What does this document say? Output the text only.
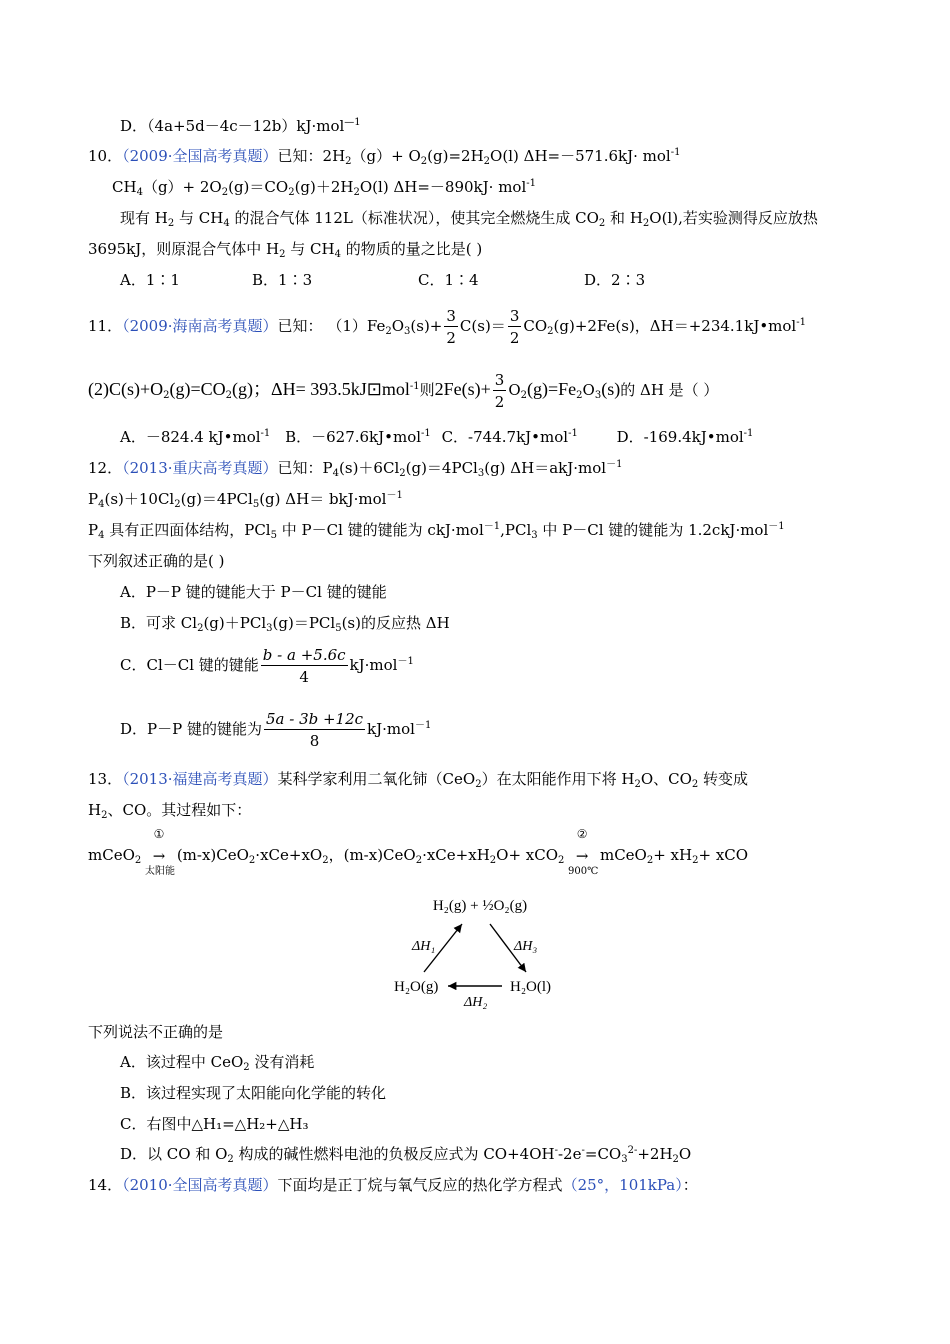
D．（4a+5d－4c－12b）kJ·mol$^{—1}$
10．（2009·全国高考真题）已知：$2H_2(g)+ O_2(g)=2H_2O(l)$ ΔH=－571.6kJ· mol$^{-1}$
$CH_4(g)+ 2O_2(g)=CO_2(g)+2H_2O(l)$ ΔH=－890kJ· mol$^{-1}$
现有 $H_2$ 与 $CH_4$ 的混合气体 112L（标准状况），使其完全燃烧生成 $CO_2$ 和 $H_2O(l)$,若实验测得反应放热
3695kJ，则原混合气体中 $H_2$ 与 $CH_4$ 的物质的量之比是( )
A．1∶1	B．1∶3	C．1∶4	D．2∶3
11．（2009·海南高考真题）已知： $(1)Fe_2O_3(s)+ \frac{3}{2} C(s)= \frac{3}{2} CO_2(g)+2Fe(s)$，ΔH＝+234.1kJ•mol$^{-1}$
$(2)C(s)+O_2(g)=CO_2(g)$；ΔH= 393.5kJ⊡mol$^{-1}$则$2Fe(s)+ \frac{3}{2} O_2(g)=Fe_2O_3(s)$的 ΔH 是（ ）
A．－824.4 kJ•mol$^{-1}$ B．－627.6kJ•mol$^{-1}$ C．-744.7kJ•mol$^{-1}$	D．-169.4kJ•mol$^{-1}$
12．（2013·重庆高考真题）已知：$P_4(s)+6Cl_2(g)=4PCl_3(g)$ ΔH＝akJ·mol$^{-1}$
$P_4(s)+10Cl_2(g)=4PCl_5(g)$ ΔH＝ bkJ·mol$^{-1}$
$P_4$ 具有正四面体结构，PCl$_5$ 中 P－Cl 键的键能为 ckJ·mol$^{-1}$,PCl$_3$ 中 P－Cl 键的键能为 1.2ckJ·mol$^{-1}$
下列叙述正确的是( )
A．P－P 键的键能大于 P－Cl 键的键能
B．可求 $Cl_2(g)+PCl_3(g)=PCl_5(s)$的反应热 ΔH
C．Cl－Cl 键的键能 $\frac{b - a +5.6c}{4} kJ\cdot mol^{-1}$
D．P－P 键的键能为 $\frac{5a - 3b +12c}{8} kJ\cdot mol^{-1}$
13．（2013·福建高考真题）某科学家利用二氧化铈（CeO$_2$）在太阳能作用下将 $H_2O$、$CO_2$ 转变成
$H_2$、CO。其过程如下：
mCeO$_2$
①
→
太阳能
$(m-x)CeO_2\cdot xCe+xO_2$，$(m-x)CeO_2\cdot xCe+xH_2O+ xCO_2$
②
→
900℃
mCeO$_2$+ $xH_2+$ xCO
H₂(g) + ½O₂(g)
ΔH₁	ΔH₃
H₂O(g)	H₂O(l)
ΔH₂
下列说法不正确的是
A．该过程中 CeO$_2$ 没有消耗
B．该过程实现了太阳能向化学能的转化
C．右图中△H₁=△H₂+△H₃
D．以 CO 和 $O_2$ 构成的碱性燃料电池的负极反应式为 $CO+4OH^--2e^-=CO_3^{2-}+2H_2O$
14．（2010·全国高考真题）下面均是正丁烷与氧气反应的热化学方程式（25°，101kPa）：
